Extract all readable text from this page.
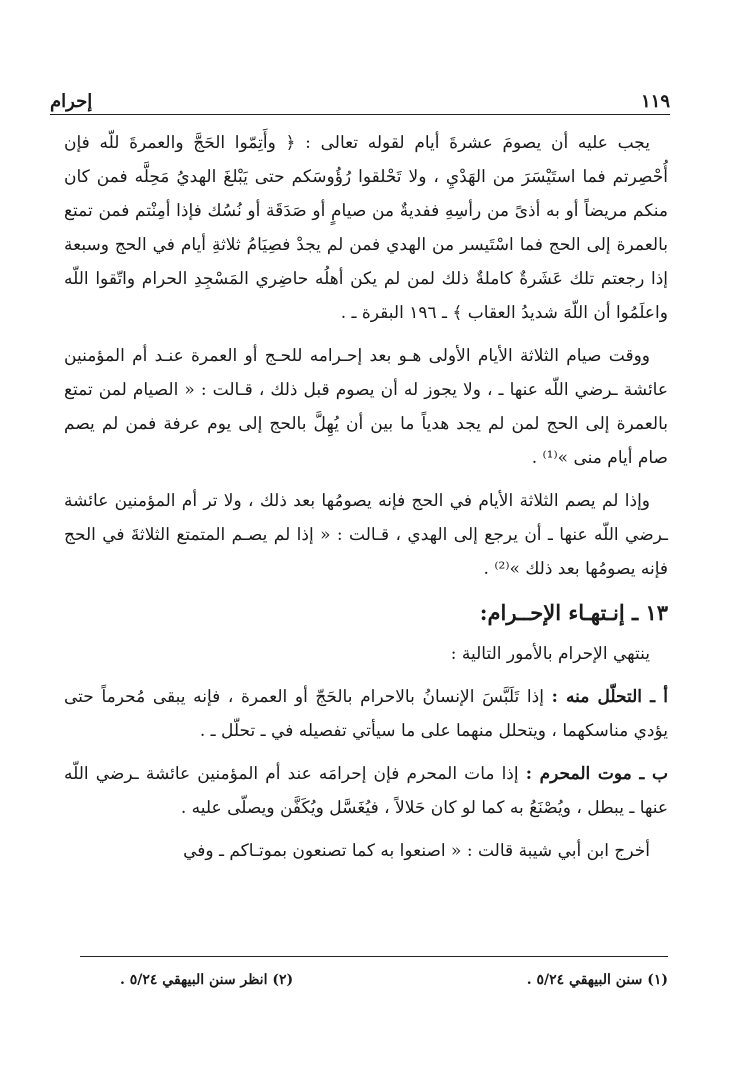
١١٩
إحرام

يجب عليه أن يصومَ عشرةَ أيام لقوله تعالى : ﴿ وأَتِمّوا الحَجَّ والعمرةَ للّه فإن أُحْصِرتم فما استَيْسَرَ من الهَدْيِ ، ولا تَحْلقوا رُؤُوسَكم حتى يَبْلغَ الهديُ مَحِلَّه فمن كان منكم مريضاً أو به أذىً من رأسِهِ ففديةٌ من صيامٍ أو صَدَقَة أو نُسُك فإذا أمِنْتم فمن تمتع بالعمرة إلى الحج فما اسْتَيسر من الهدي فمن لم يجدْ فصِيَامُ ثلاثةِ أيام في الحج وسبعة إذا رجعتم تلك عَشَرةٌ كاملةٌ ذلك لمن لم يكن أهلُه حاضِري المَسْجِدِ الحرام واتّقوا اللّه واعلَمُوا أن اللّهَ شديدُ العقاب ﴾ ـ ١٩٦ البقرة ـ .

ووقت صيام الثلاثة الأيام الأولى هـو بعد إحـرامه للحـج أو العمرة عنـد أم المؤمنين عائشة ـرضي اللّه عنها ـ ، ولا يجوز له أن يصوم قبل ذلك ، قـالت : « الصيام لمن تمتع بالعمرة إلى الحج لمن لم يجد هدياً ما بين أن يُهِلَّ بالحج إلى يوم عرفة فمن لم يصم صام أيام منى »⁽¹⁾ .

وإذا لم يصم الثلاثة الأيام في الحج فإنه يصومُها بعد ذلك ، ولا تر أم المؤمنين عائشة ـرضي اللّه عنها ـ أن يرجع إلى الهدي ، قـالت : « إذا لم يصـم المتمتع الثلاثةَ في الحج فإنه يصومُها بعد ذلك »⁽²⁾ .

١٣ ـ إنـتهـاء الإحــرام:

ينتهي الإحرام بالأمور التالية :

أ ـ التحلّل منه : إذا تَلَبَّسَ الإنسانُ بالاحرام بالحَجّ أو العمرة ، فإنه يبقى مُحرماً حتى يؤدي مناسكهما ، ويتحلل منهما على ما سيأتي تفصيله في ـ تحلّل ـ .

ب ـ موت المحرم : إذا مات المحرم فإن إحرامَه عند أم المؤمنين عائشة ـرضي اللّه عنها ـ يبطل ، ويُصْنَعُ به كما لو كان حَلالاً ، فيُغَسَّل ويُكَفَّن ويصلّى عليه .

أخرج ابن أبي شيبة قالت : « اصنعوا به كما تصنعون بموتـاكم ـ وفي

(١) سنن البيهقي ٥/٢٤ .
(٢) انظر سنن البيهقي ٥/٢٤ .
